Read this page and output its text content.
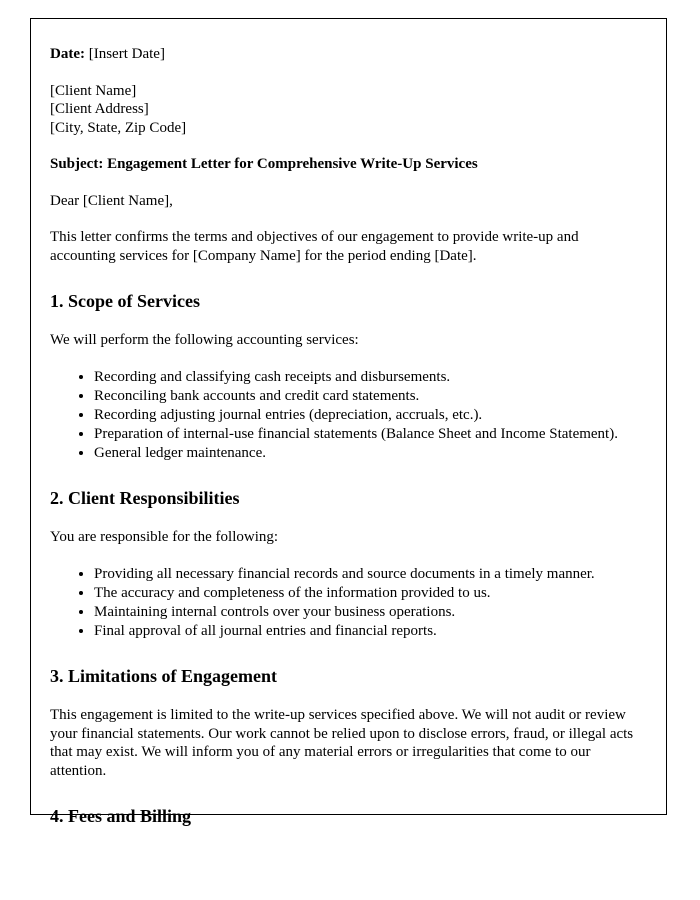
Date: [Insert Date]

[Client Name]
[Client Address]
[City, State, Zip Code]

Subject: Engagement Letter for Comprehensive Write-Up Services

Dear [Client Name],

This letter confirms the terms and objectives of our engagement to provide write-up and accounting services for [Company Name] for the period ending [Date].

1. Scope of Services

We will perform the following accounting services:

• Recording and classifying cash receipts and disbursements.
• Reconciling bank accounts and credit card statements.
• Recording adjusting journal entries (depreciation, accruals, etc.).
• Preparation of internal-use financial statements (Balance Sheet and Income Statement).
• General ledger maintenance.
2. Client Responsibilities

You are responsible for the following:

• Providing all necessary financial records and source documents in a timely manner.
• The accuracy and completeness of the information provided to us.
• Maintaining internal controls over your business operations.
• Final approval of all journal entries and financial reports.
3. Limitations of Engagement

This engagement is limited to the write-up services specified above. We will not audit or review your financial statements. Our work cannot be relied upon to disclose errors, fraud, or illegal acts that may exist. We will inform you of any material errors or irregularities that come to our attention.

4. Fees and Billing
